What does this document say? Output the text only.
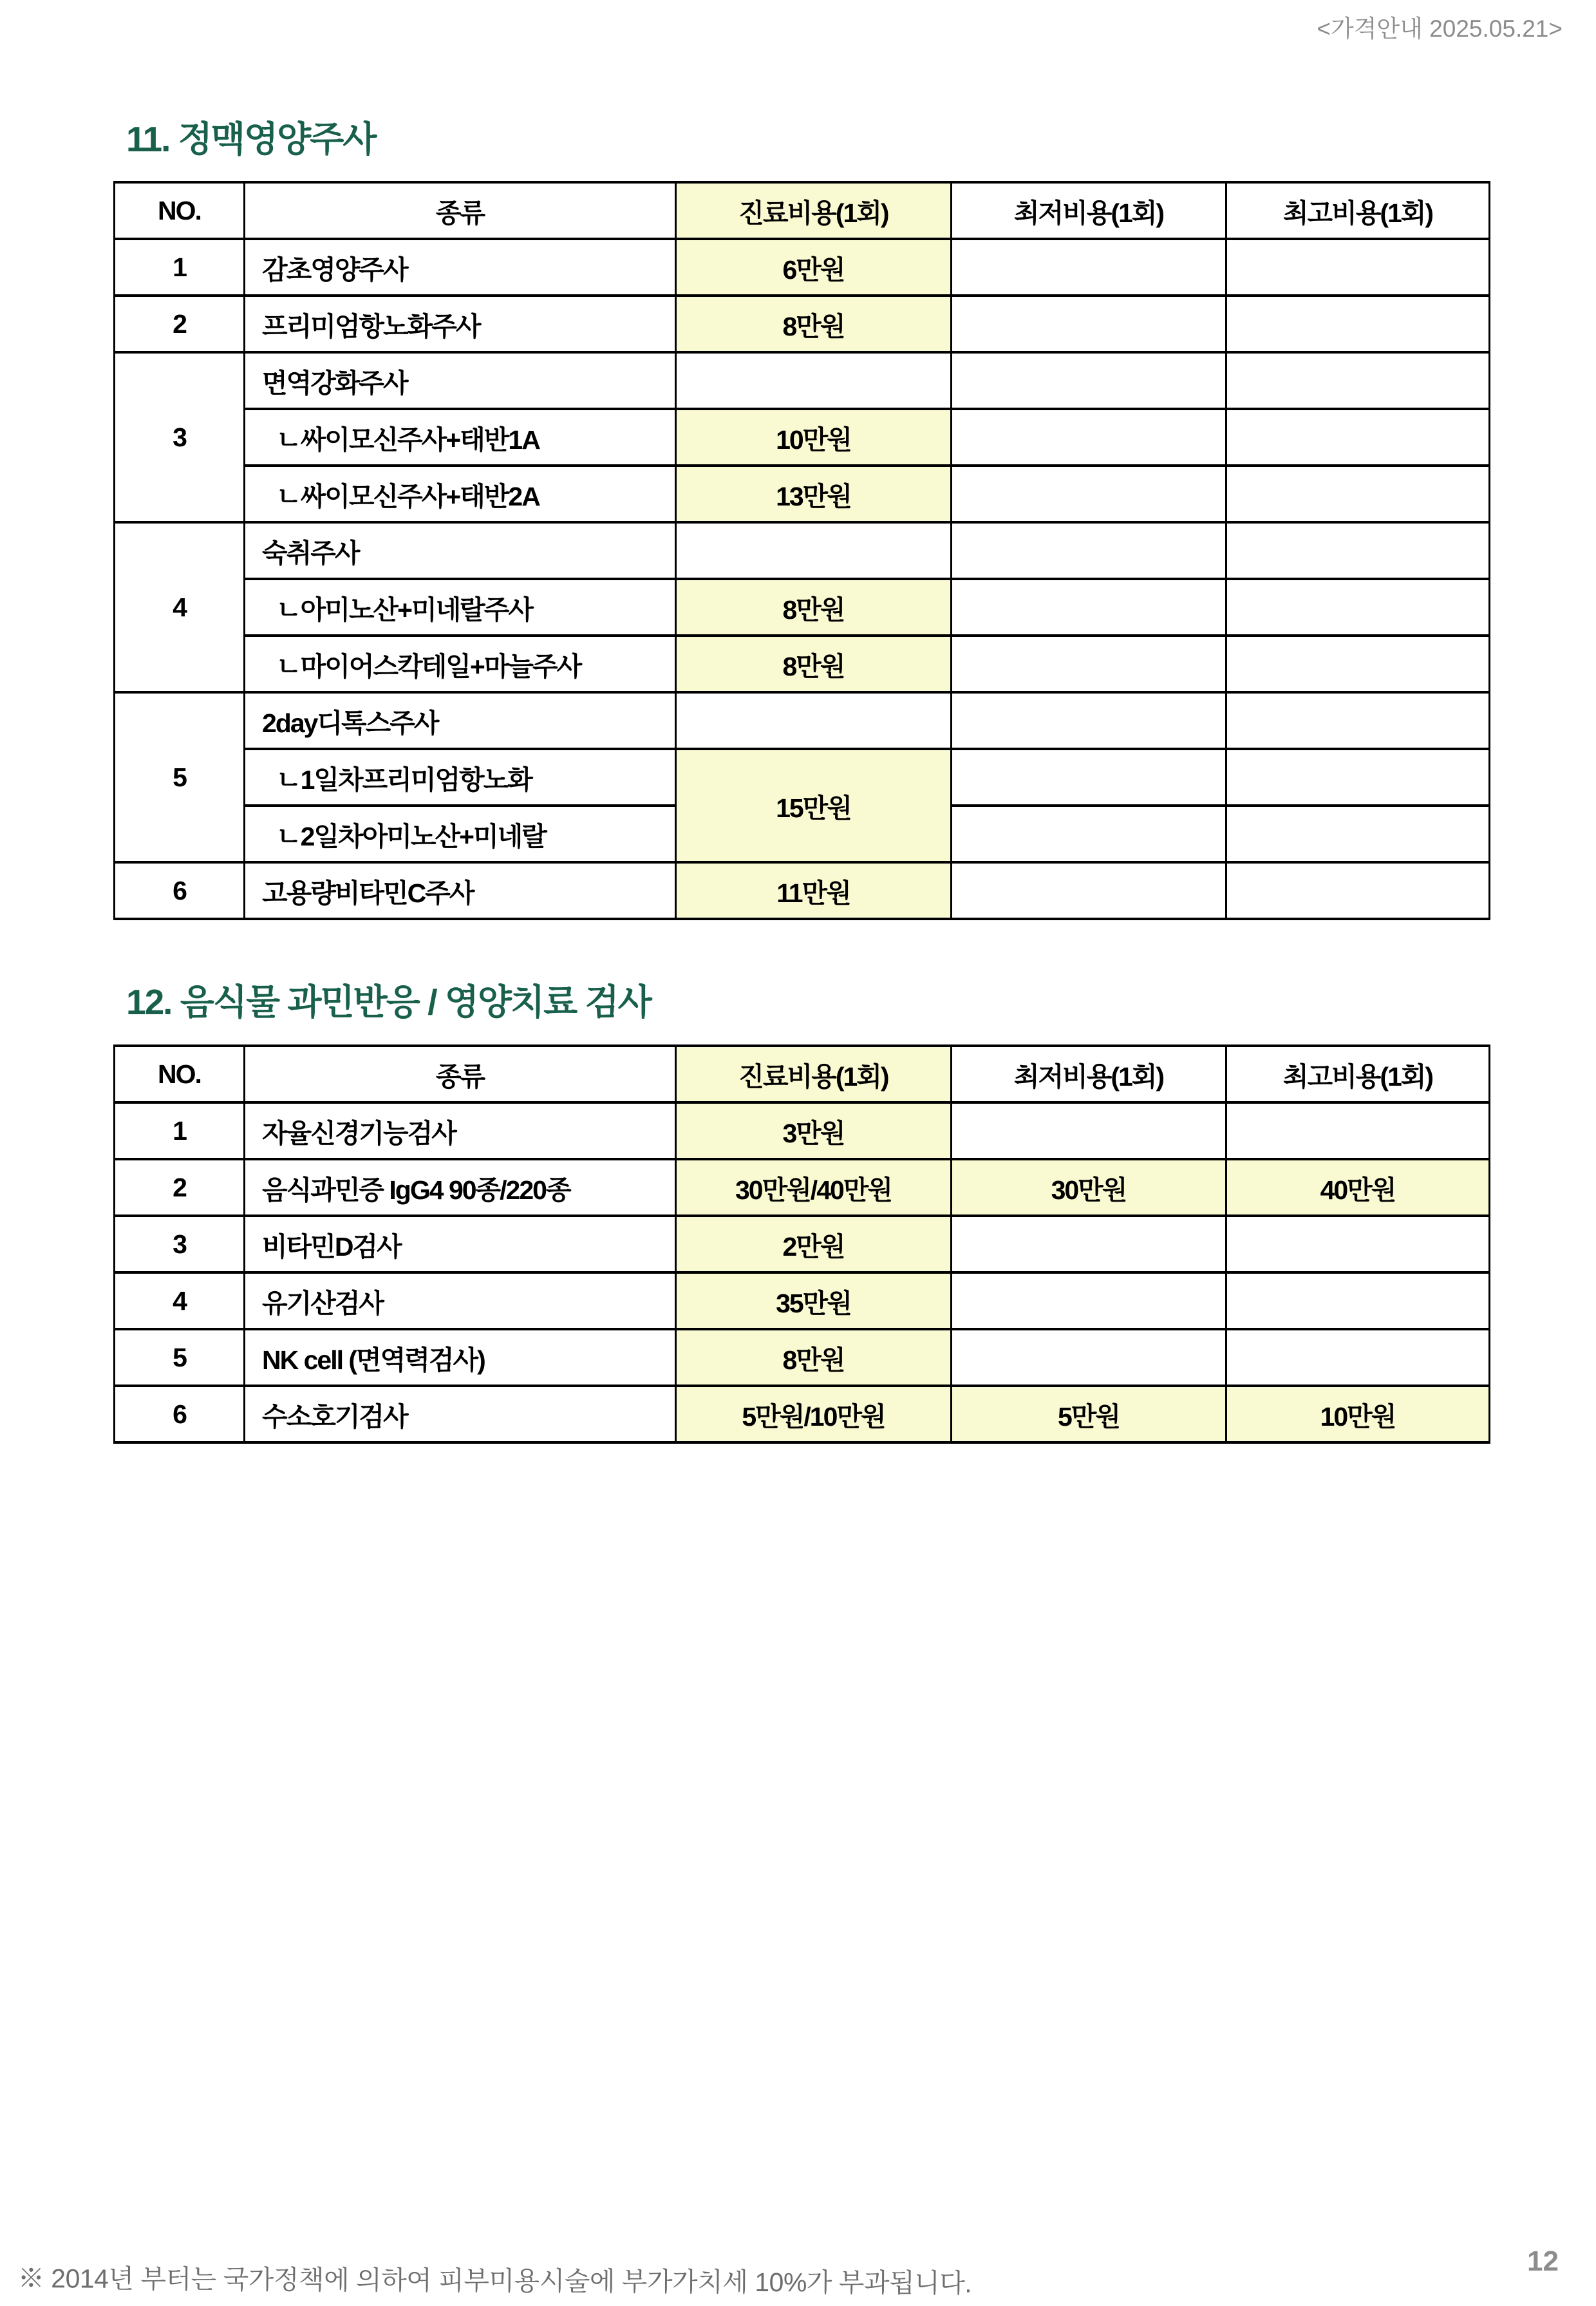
<가격안내 2025.05.21>
11. 정맥영양주사
NO.	종류	진료비용(1회)	최저비용(1회)	최고비용(1회)
1	감초영양주사	6만원		
2	프리미엄항노화주사	8만원		
3	면역강화주사			
	ㄴ싸이모신주사+태반1A	10만원		
	ㄴ싸이모신주사+태반2A	13만원		
4	숙취주사			
	ㄴ아미노산+미네랄주사	8만원		
	ㄴ마이어스칵테일+마늘주사	8만원		
5	2day디톡스주사			
	ㄴ1일차프리미엄항노화	15만원		
	ㄴ2일차아미노산+미네랄			
6	고용량비타민C주사	11만원		
12. 음식물 과민반응 / 영양치료 검사
NO.	종류	진료비용(1회)	최저비용(1회)	최고비용(1회)
1	자율신경기능검사	3만원		
2	음식과민증 IgG4 90종/220종	30만원/40만원	30만원	40만원
3	비타민D검사	2만원		
4	유기산검사	35만원		
5	NK cell (면역력검사)	8만원		
6	수소호기검사	5만원/10만원	5만원	10만원
※ 2014년 부터는 국가정책에 의하여 피부미용시술에 부가가치세 10%가 부과됩니다.
12
